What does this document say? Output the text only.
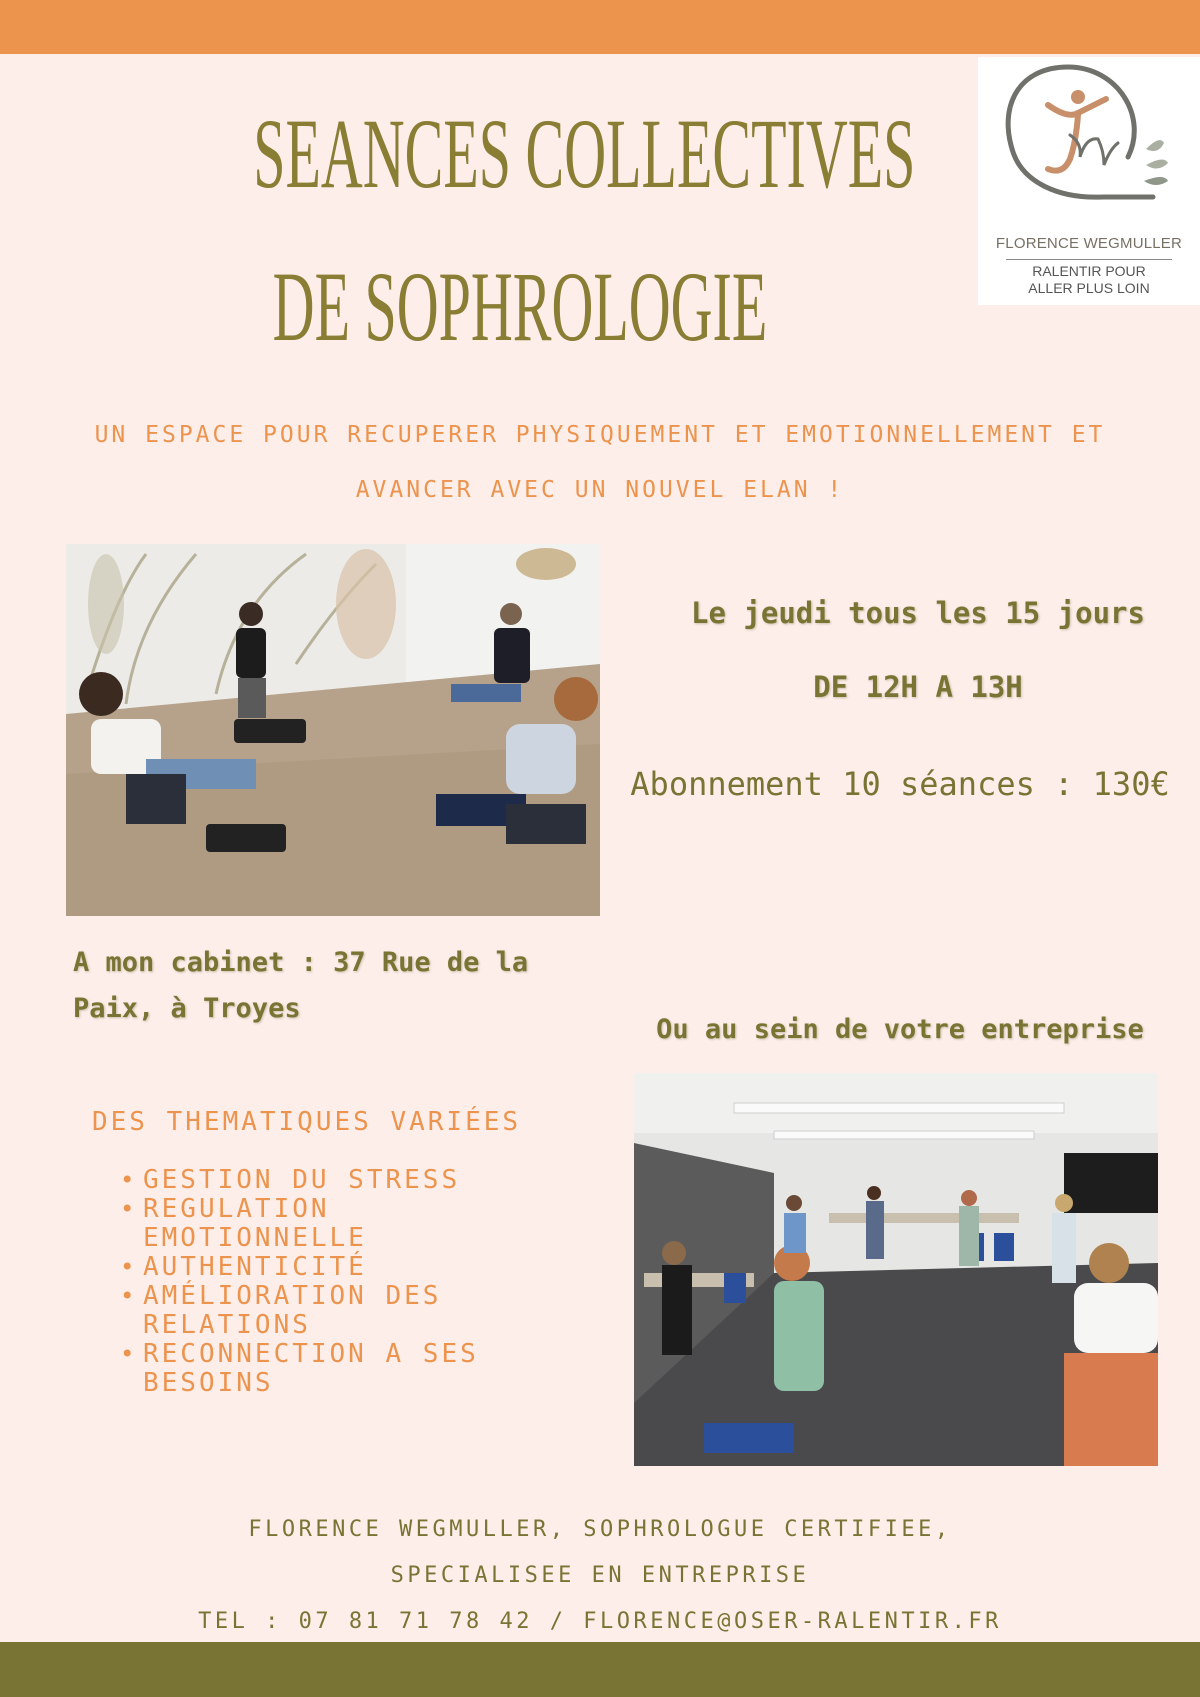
FLORENCE WEGMULLER
RALENTIR POUR
ALLER PLUS LOIN
SEANCES COLLECTIVES
DE SOPHROLOGIE
UN ESPACE POUR RECUPERER PHYSIQUEMENT ET EMOTIONNELLEMENT ET
AVANCER AVEC UN NOUVEL ELAN !
Le jeudi tous les 15 jours
DE 12H A 13H
Abonnement 10 séances : 130€
A mon cabinet : 37 Rue de la
Paix, à Troyes
Ou au sein de votre entreprise
DES THEMATIQUES VARIÉES
• GESTION DU STRESS
• REGULATION
EMOTIONNELLE
• AUTHENTICITÉ
• AMÉLIORATION DES
RELATIONS
• RECONNECTION A SES
BESOINS
FLORENCE WEGMULLER, SOPHROLOGUE CERTIFIEE,
SPECIALISEE EN ENTREPRISE
TEL : 07 81 71 78 42 / FLORENCE@OSER-RALENTIR.FR
